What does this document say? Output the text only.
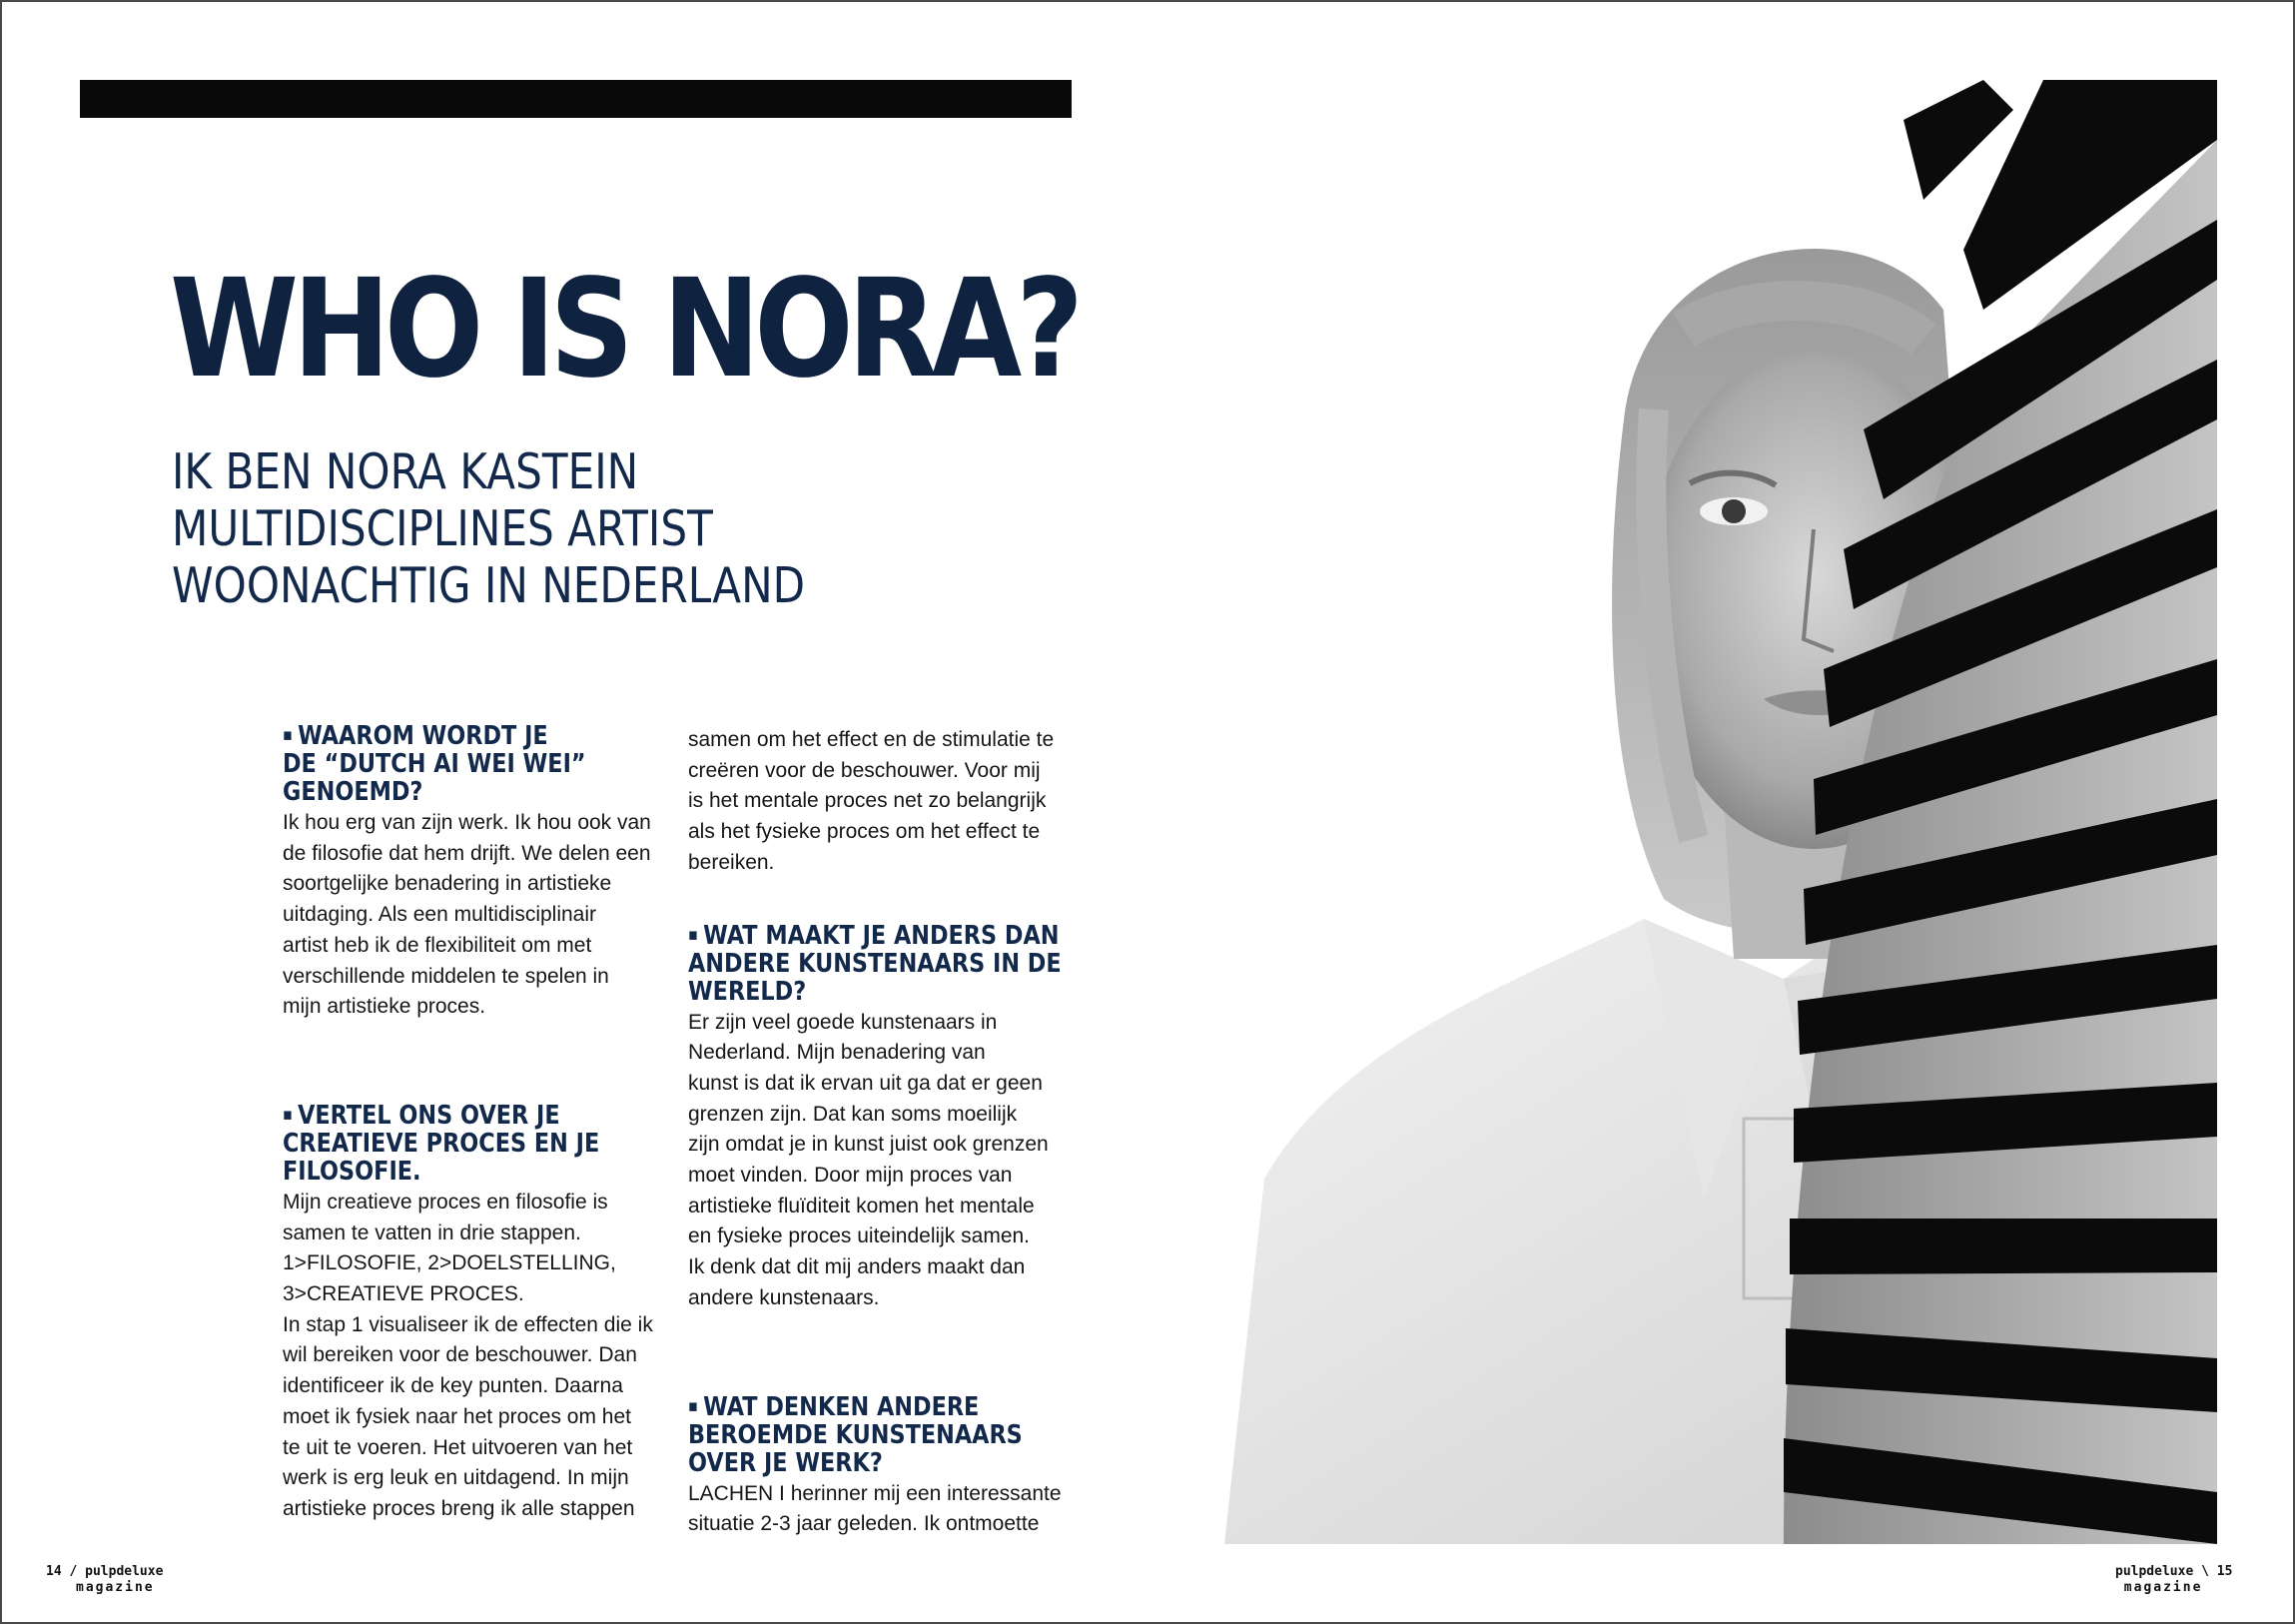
WHO IS NORA?
IK BEN NORA KASTEIN
MULTIDISCIPLINES ARTIST
WOONACHTIG IN NEDERLAND
▪ WAAROM WORDT JE
DE “DUTCH AI WEI WEI”
GENOEMD?

Ik hou erg van zijn werk. Ik hou ook van
de filosofie dat hem drijft. We delen een
soortgelijke benadering in artistieke
uitdaging. Als een multidisciplinair
artist heb ik de flexibiliteit om met
verschillende middelen te spelen in
mijn artistieke proces.

▪ VERTEL ONS OVER JE
CREATIEVE PROCES EN JE
FILOSOFIE.

Mijn creatieve proces en filosofie is
samen te vatten in drie stappen.
1>FILOSOFIE, 2>DOELSTELLING,
3>CREATIEVE PROCES.
In stap 1 visualiseer ik de effecten die ik
wil bereiken voor de beschouwer. Dan
identificeer ik de key punten. Daarna
moet ik fysiek naar het proces om het
te uit te voeren. Het uitvoeren van het
werk is erg leuk en uitdagend. In mijn
artistieke proces breng ik alle stappen

samen om het effect en de stimulatie te
creëren voor de beschouwer. Voor mij
is het mentale proces net zo belangrijk
als het fysieke proces om het effect te
bereiken.

▪ WAT MAAKT JE ANDERS DAN
ANDERE KUNSTENAARS IN DE
WERELD?

Er zijn veel goede kunstenaars in
Nederland. Mijn benadering van
kunst is dat ik ervan uit ga dat er geen
grenzen zijn. Dat kan soms moeilijk
zijn omdat je in kunst juist ook grenzen
moet vinden. Door mijn proces van
artistieke fluïditeit komen het mentale
en fysieke proces uiteindelijk samen.
Ik denk dat dit mij anders maakt dan
andere kunstenaars.

▪ WAT DENKEN ANDERE
BEROEMDE KUNSTENAARS
OVER JE WERK?

LACHEN I herinner mij een interessante
situatie 2-3 jaar geleden. Ik ontmoette

14 / pulpdeluxe
magazine
pulpdeluxe \ 15
magazine
